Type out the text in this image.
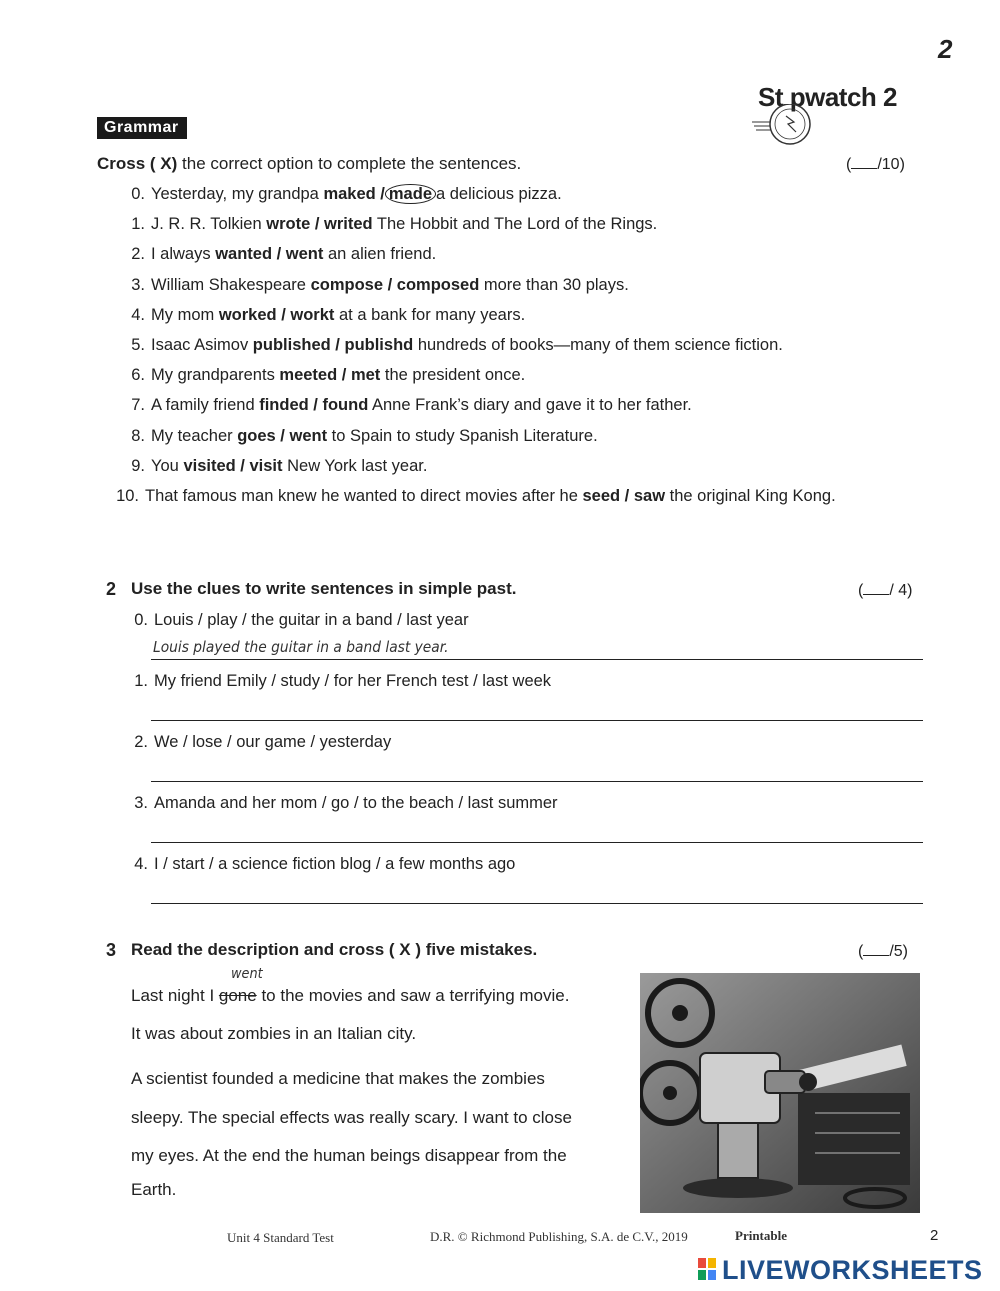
2
St pwatch 2
Grammar
Cross ( X) the correct option to complete the sentences.	( /10)
0. Yesterday, my grandpa maked / made a delicious pizza.
1. J. R. R. Tolkien wrote / writed The Hobbit and The Lord of the Rings.
2. I always wanted / went an alien friend.
3. William Shakespeare compose / composed more than 30 plays.
4. My mom worked / workt at a bank for many years.
5. Isaac Asimov published / publishd hundreds of books—many of them science fiction.
6. My grandparents meeted / met the president once.
7. A family friend finded / found Anne Frank’s diary and gave it to her father.
8. My teacher goes / went to Spain to study Spanish Literature.
9. You visited / visit New York last year.
10. That famous man knew he wanted to direct movies after he seed / saw the original King Kong.
2 Use the clues to write sentences in simple past.	( / 4)
0. Louis / play / the guitar in a band / last year
Louis played the guitar in a band last year.
1. My friend Emily / study / for her French test / last week
2. We / lose / our game / yesterday
3. Amanda and her mom / go / to the beach / last summer
4. I / start / a science fiction blog / a few months ago
3 Read the description and cross ( X ) five mistakes.	( /5)
went
Last night I gone to the movies and saw a terrifying movie.
It was about zombies in an Italian city.
A scientist founded a medicine that makes the zombies
sleepy. The special effects was really scary. I want to close
my eyes. At the end the human beings disappear from the
Earth.
Unit 4 Standard Test	D.R. © Richmond Publishing, S.A. de C.V., 2019	Printable	2
LIVEWORKSHEETS
